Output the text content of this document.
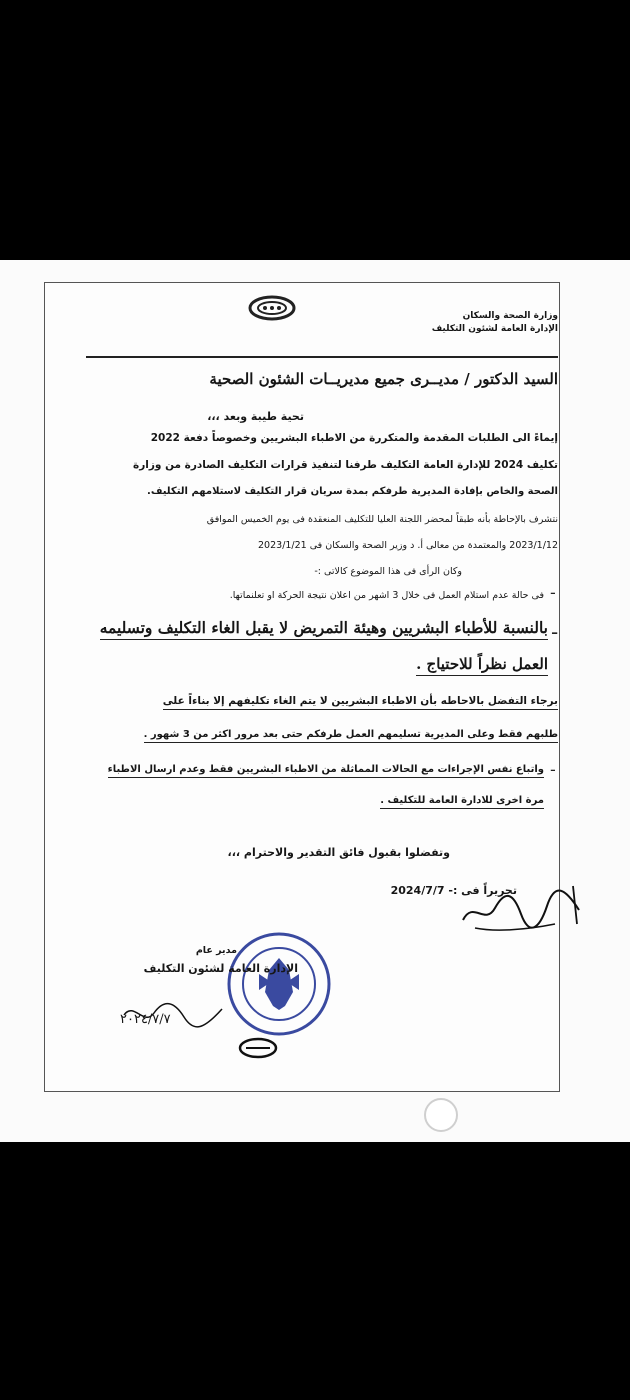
وزارة الصحة والسكان
الإدارة العامة لشئون التكليف
السيد الدكتور / مديــرى جميع مديريــات الشئون الصحية
تحية طيبة وبعد ،،،
إيماءً الى الطلبات المقدمة والمتكررة من الاطباء البشريين وخصوصاً دفعة 2022
تكليف 2024 للإدارة العامة التكليف طرفنا لتنفيذ قرارات التكليف الصادرة من وزارة
الصحة والخاص بإفادة المديرية طرفكم بمدة سريان قرار التكليف لاستلامهم التكليف.
نتشرف بالإحاطة بأنه طبقاً لمحضر اللجنة العليا للتكليف المنعقدة فى يوم الخميس الموافق
2023/1/12 والمعتمدة من معالى أ. د وزير الصحة والسكان فى 2023/1/21
وكان الرأى فى هذا الموضوع كالاتى :-
-
فى حالة عدم استلام العمل فى خلال 3 اشهر من اعلان نتيجة الحركة او تعلنماتها.
-
بالنسبة للأطباء البشريين وهيئة التمريض لا يقبل الغاء التكليف وتسليمه
العمل نظراً للاحتياج .
برجاء التفضل بالاحاطه بأن الاطباء البشريين لا يتم الغاء تكليفهم إلا بناءاً على
طلبهم فقط وعلى المديرية تسليمهم العمل طرفكم حتى بعد مرور اكثر من 3 شهور .
-
واتباع نفس الإجراءات مع الحالات المماثلة من الاطباء البشريين فقط وعدم ارسال الاطباء
مرة اخرى للادارة العامة للتكليف .
وتفضلوا بقبول فائق التقدير والاحترام ،،،
تحريراً فى :- 2024/7/7
مدير عام
الإدارة العامة لشئون التكليف
٢٠٢٤/٧/٧
